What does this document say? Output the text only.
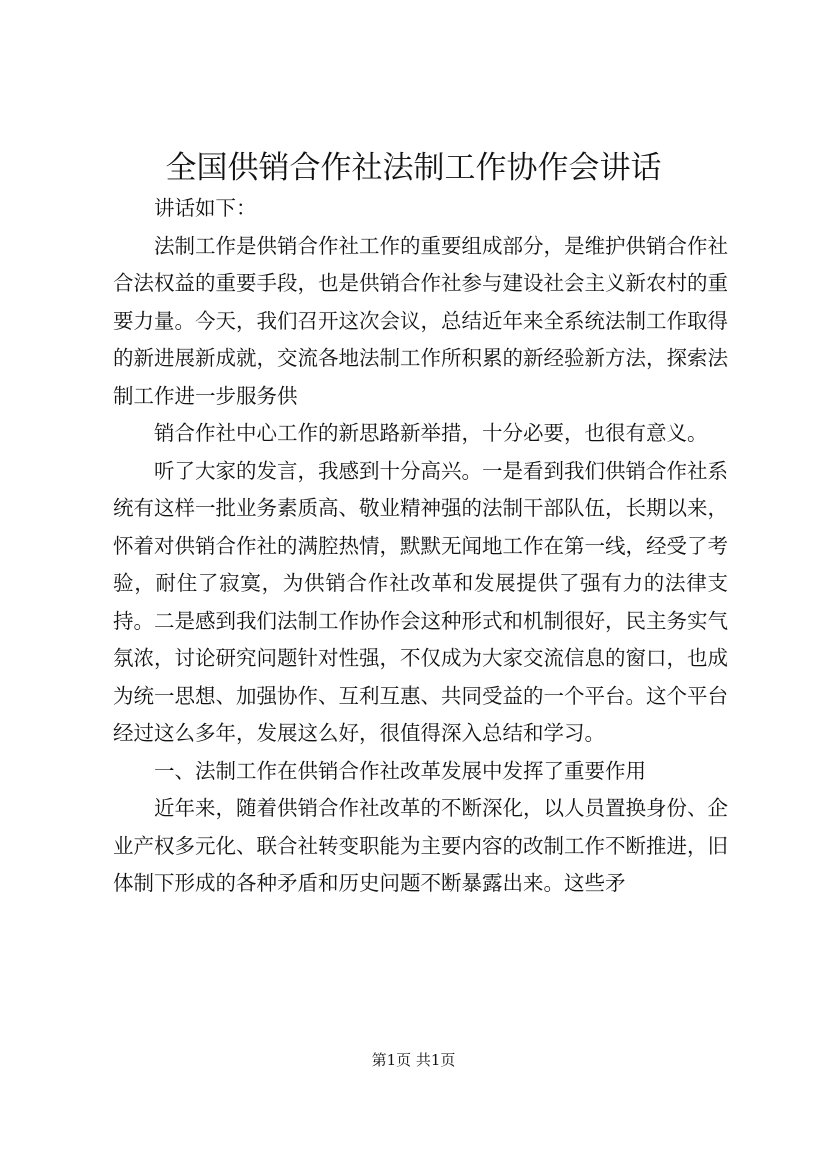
全国供销合作社法制工作协作会讲话

讲话如下：

法制工作是供销合作社工作的重要组成部分，是维护供销合作社合法权益的重要手段，也是供销合作社参与建设社会主义新农村的重要力量。今天，我们召开这次会议，总结近年来全系统法制工作取得的新进展新成就，交流各地法制工作所积累的新经验新方法，探索法制工作进一步服务供

销合作社中心工作的新思路新举措，十分必要，也很有意义。

听了大家的发言，我感到十分高兴。一是看到我们供销合作社系统有这样一批业务素质高、敬业精神强的法制干部队伍，长期以来，怀着对供销合作社的满腔热情，默默无闻地工作在第一线，经受了考验，耐住了寂寞，为供销合作社改革和发展提供了强有力的法律支持。二是感到我们法制工作协作会这种形式和机制很好，民主务实气氛浓，讨论研究问题针对性强，不仅成为大家交流信息的窗口，也成为统一思想、加强协作、互利互惠、共同受益的一个平台。这个平台经过这么多年，发展这么好，很值得深入总结和学习。

一、法制工作在供销合作社改革发展中发挥了重要作用

近年来，随着供销合作社改革的不断深化，以人员置换身份、企业产权多元化、联合社转变职能为主要内容的改制工作不断推进，旧体制下形成的各种矛盾和历史问题不断暴露出来。这些矛

第1页 共1页
